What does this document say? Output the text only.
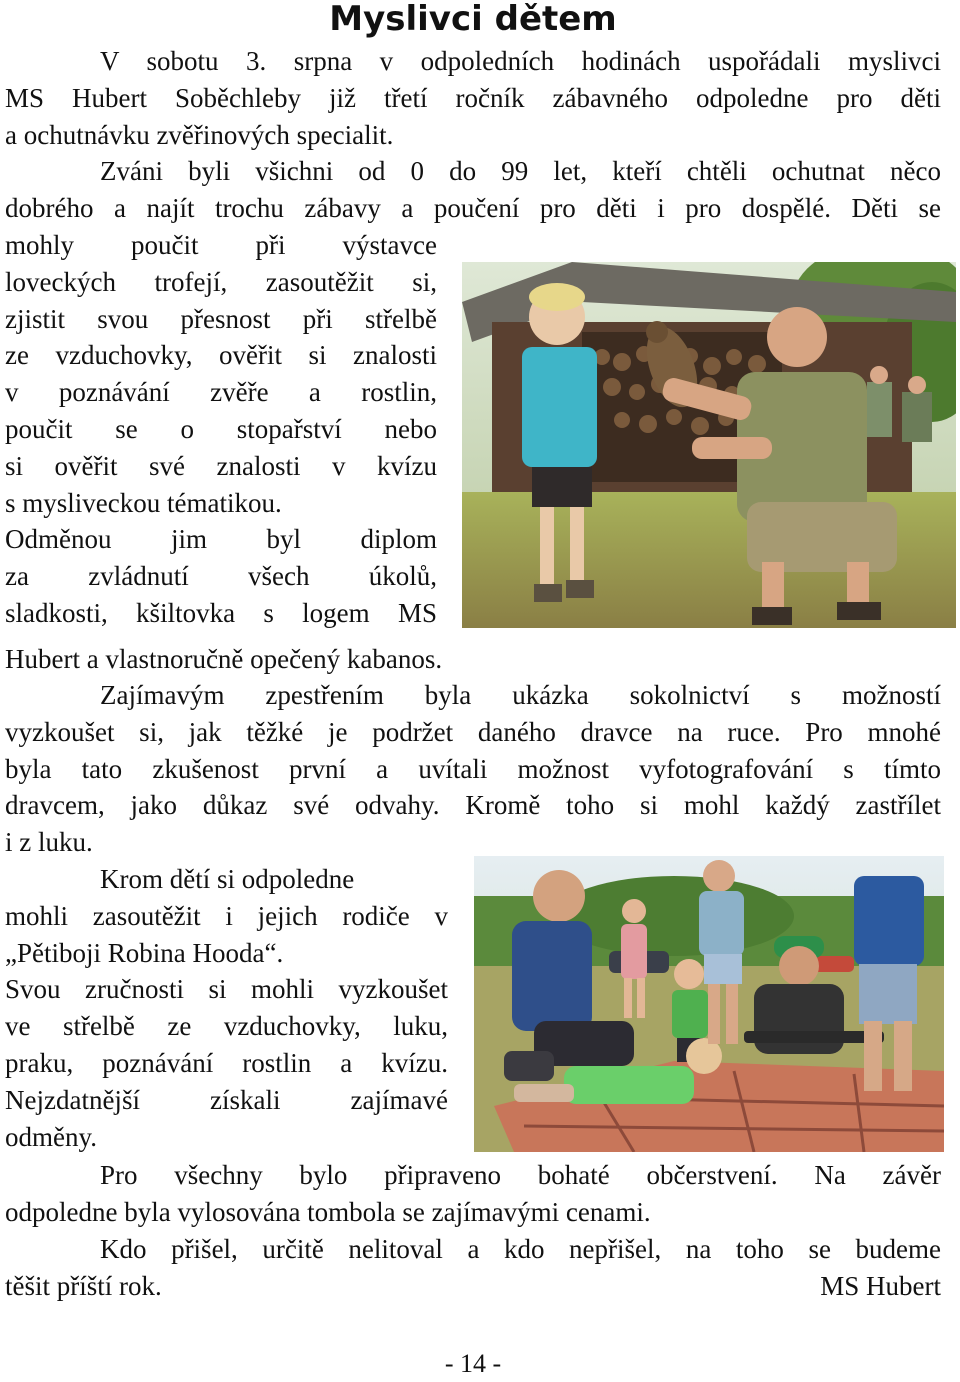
Myslivci dětem
V sobotu 3. srpna v odpoledních hodinách uspořádali myslivci
MS Hubert Soběchleby již třetí ročník zábavného odpoledne pro děti
a ochutnávku zvěřinových specialit.
Zváni byli všichni od 0 do 99 let, kteří chtěli ochutnat něco
dobrého a najít trochu zábavy a poučení pro děti i pro dospělé. Děti se
mohly poučit při výstavce
loveckých trofejí, zasoutěžit si,
zjistit svou přesnost při střelbě
ze vzduchovky, ověřit si znalosti
v poznávání zvěře a rostlin,
poučit se o stopařství nebo
si ověřit své znalosti v kvízu
s mysliveckou tématikou.
Odměnou jim byl diplom
za zvládnutí všech úkolů,
sladkosti, kšiltovka s logem MS
Hubert a vlastnoručně opečený kabanos.
Zajímavým zpestřením byla ukázka sokolnictví s možností
vyzkoušet si, jak těžké je podržet daného dravce na ruce. Pro mnohé
byla tato zkušenost první a uvítali možnost vyfotografování s tímto
dravcem, jako důkaz své odvahy. Kromě toho si mohl každý zastřílet
i z luku.
Krom dětí si odpoledne
mohli zasoutěžit i jejich rodiče v
„Pětiboji Robina Hooda“.
Svou zručnosti si mohli vyzkoušet
ve střelbě ze vzduchovky, luku,
praku, poznávání rostlin a kvízu.
Nejzdatnější získali zajímavé
odměny.
Pro všechny bylo připraveno bohaté občerstvení. Na závěr
odpoledne byla vylosována tombola se zajímavými cenami.
Kdo přišel, určitě nelitoval a kdo nepřišel, na toho se budeme
těšit příští rok.	MS Hubert
- 14 -
